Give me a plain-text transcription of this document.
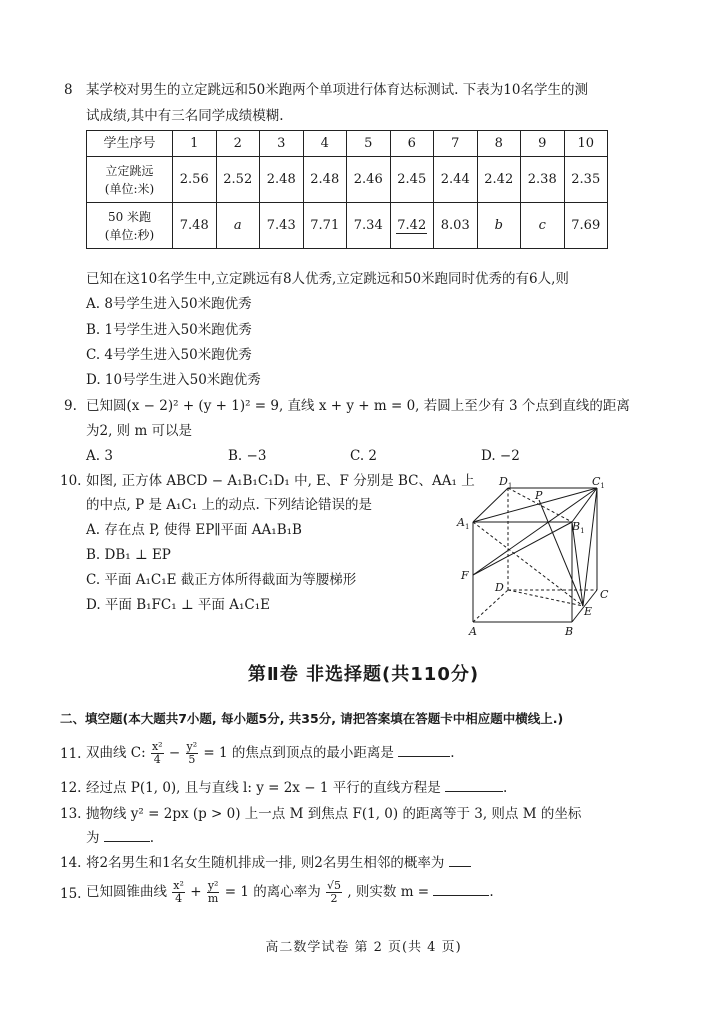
8 某学校对男生的立定跳远和50米跑两个单项进行体育达标测试. 下表为10名学生的测
试成绩,其中有三名同学成绩模糊.
学生序号	1	2	3	4	5	6	7	8	9	10

立定跳远
(单位:米)	2.56	2.52	2.48	2.48	2.46	2.45	2.44	2.42	2.38	2.35

50 米跑
(单位:秒)	7.48	a	7.43	7.71	7.34	7.42	8.03	b	c	7.69
已知在这10名学生中,立定跳远有8人优秀,立定跳远和50米跑同时优秀的有6人,则
A. 8号学生进入50米跑优秀
B. 1号学生进入50米跑优秀
C. 4号学生进入50米跑优秀
D. 10号学生进入50米跑优秀
9. 已知圆(x − 2)² + (y + 1)² = 9, 直线 x + y + m = 0, 若圆上至少有 3 个点到直线的距离
为2, 则 m 可以是
A. 3	B. −3	C. 2	D. −2
10. 如图, 正方体 ABCD − A₁B₁C₁D₁ 中, E、F 分别是 BC、AA₁ 上
的中点, P 是 A₁C₁ 上的动点. 下列结论错误的是
A. 存在点 P, 使得 EP∥平面 AA₁B₁B
B. DB₁ ⊥ EP
C. 平面 A₁C₁E 截正方体所得截面为等腰梯形
D. 平面 B₁FC₁ ⊥ 平面 A₁C₁E
$D_1$	$C_1$
$A_1$	$B_1$
P
F
D
C
E
A	B
第Ⅱ卷 非选择题(共110分)
二、填空题(本大题共7小题, 每小题5分, 共35分, 请把答案填在答题卡中相应题中横线上.)
11. 双曲线 C: $\frac{\text{x²}}{4} - \frac{\text{y²}}{5} = 1$ 的焦点到顶点的最小距离是	.
12. 经过点 P(1, 0), 且与直线 l: y = 2x − 1 平行的直线方程是	.
13. 抛物线 y² = 2px (p > 0) 上一点 M 到焦点 F(1, 0) 的距离等于 3, 则点 M 的坐标
为	.
14. 将2名男生和1名女生随机排成一排, 则2名男生相邻的概率为
15. 已知圆锥曲线 $\frac{\text{x²}}{4} + \frac{\text{y²}}{m} = 1$ 的离心率为 $\frac{√5}{2}$ , 则实数 m =	.
高二数学试卷 第 2 页(共 4 页)
